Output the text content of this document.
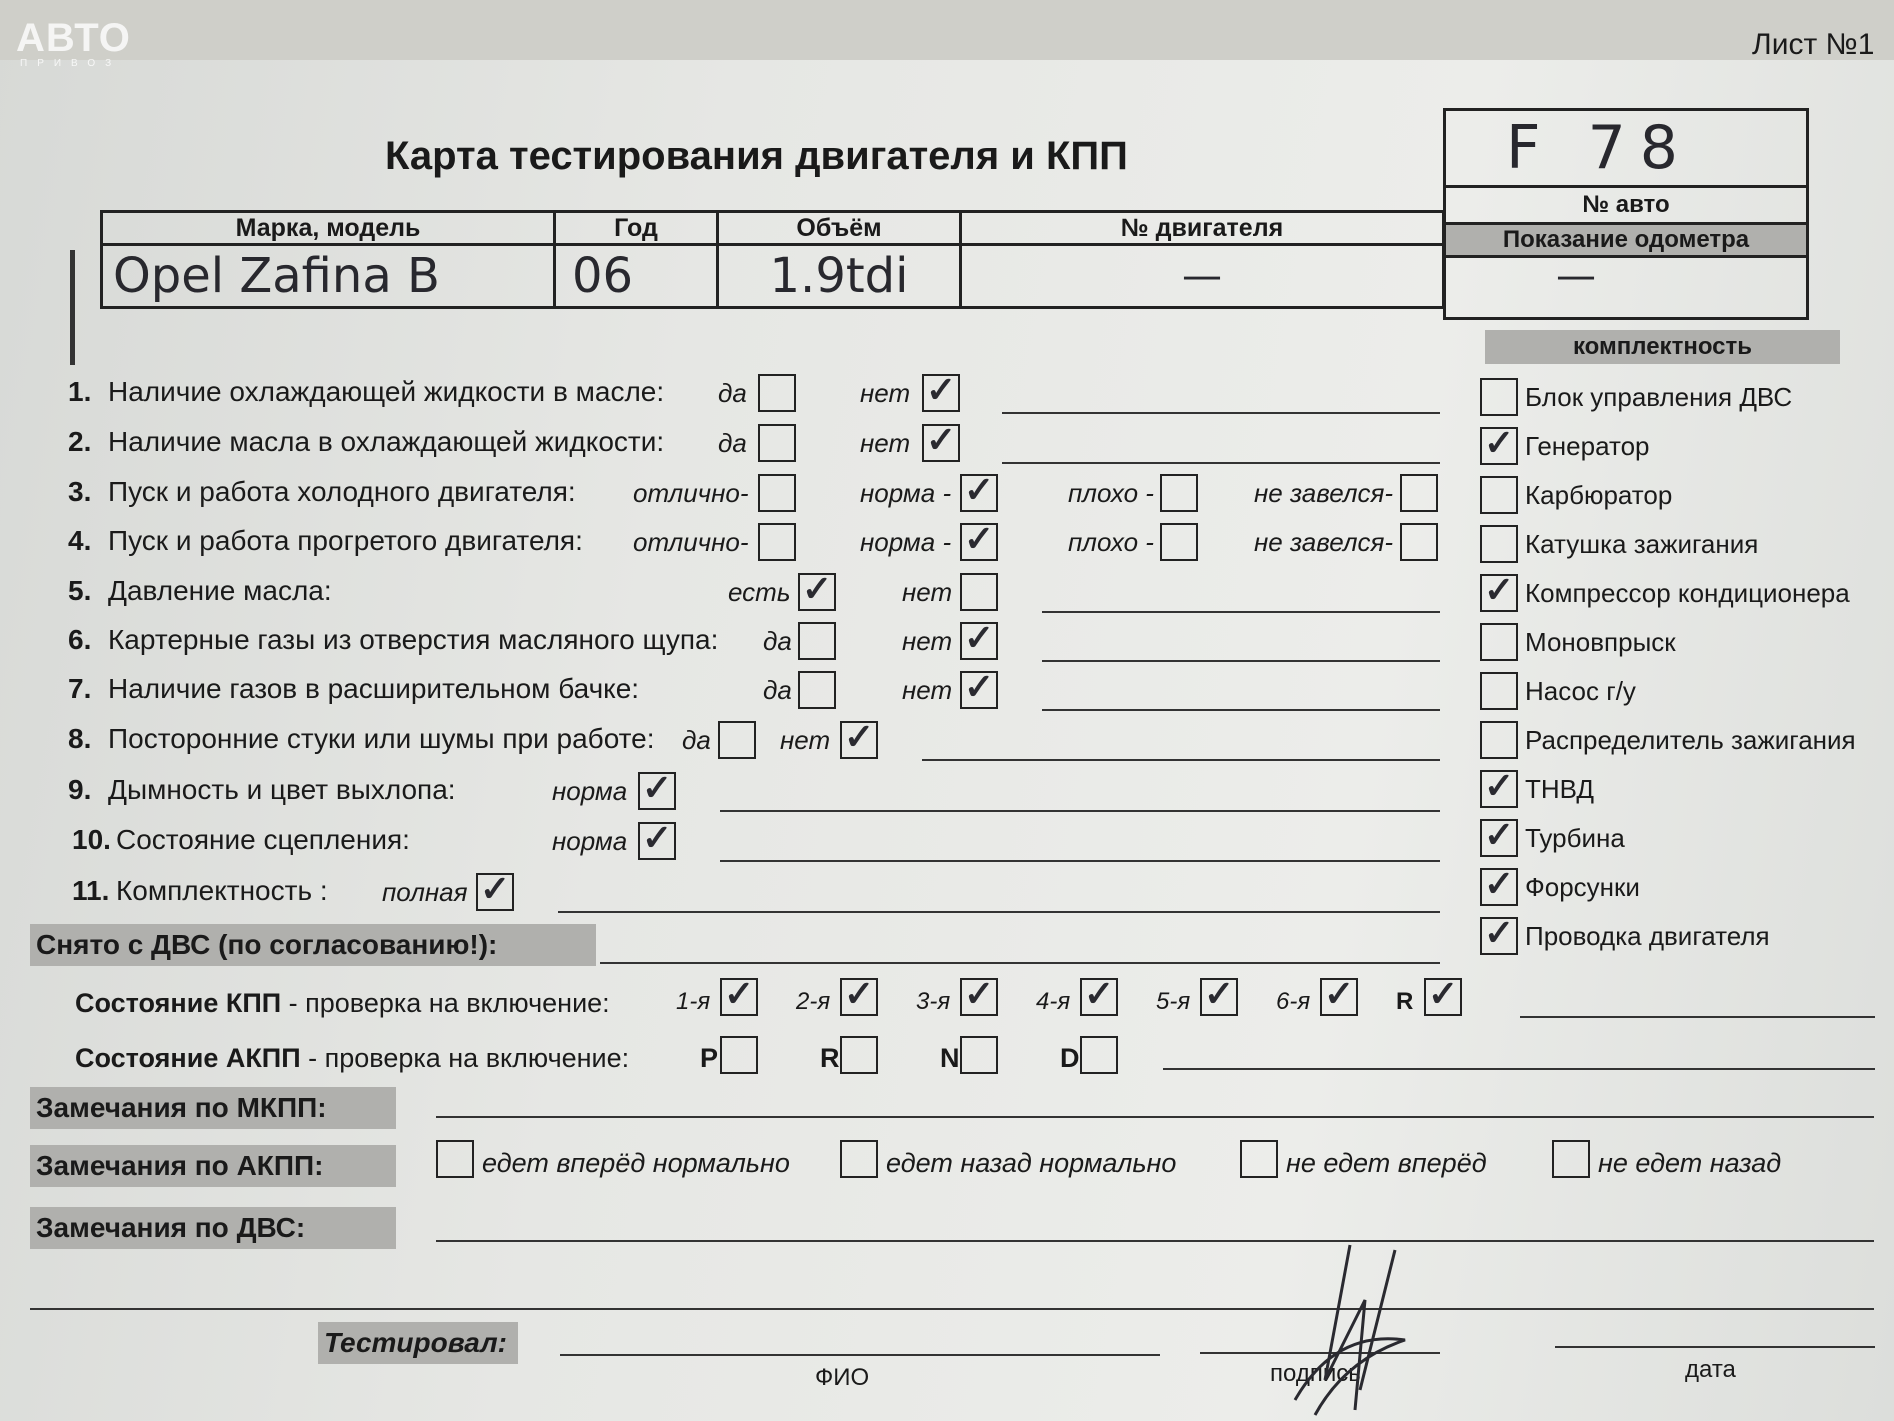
АВТО
ПРИВОЗ
Лист №1
Карта тестирования двигателя и КПП	F 78
№ авто
Показание одометра
—
Марка, модель	Год	Объём	№ двигателя
Opel Zafina B	06	1.9tdi	—
комплектность
Снято с ДВС (по согласованию!):
Состояние КПП - проверка на включение:
Состояние АКПП - проверка на включение:
Замечания по МКПП:
Замечания по АКПП:
Замечания по ДВС:
Тестировал:
ФИО	подпись	дата
Блок управления ДВС
✓ Генератор
Карбюратор
Катушка зажигания
✓ Компрессор кондиционера
Моновпрыск
Насос г/у
Распределитель зажигания
✓ ТНВД
✓ Турбина
✓ Форсунки
✓ Проводка двигателя
1. Наличие охлаждающей жидкости в масле: да	нет ✓
2. Наличие масла в охлаждающей жидкости: да	нет ✓
3. Пуск и работа холодного двигателя: отлично-	норма - ✓	плохо -	не завелся-
4. Пуск и работа прогретого двигателя: отлично-	норма - ✓	плохо -	не завелся-
5. Давление масла:	есть ✓	нет
6. Картерные газы из отверстия масляного щупа: да	нет ✓
7. Наличие газов в расширительном бачке:	да	нет ✓
8. Посторонние стуки или шумы при работе: да	нет ✓
9. Дымность и цвет выхлопа:	норма ✓
10. Состояние сцепления:	норма ✓
11. Комплектность : полная ✓
1-я ✓ 2-я ✓ 3-я ✓ 4-я ✓ 5-я ✓ 6-я ✓ R ✓
P	R	N	D
едет вперёд нормально	едет назад нормально	не едет вперёд	не едет назад
